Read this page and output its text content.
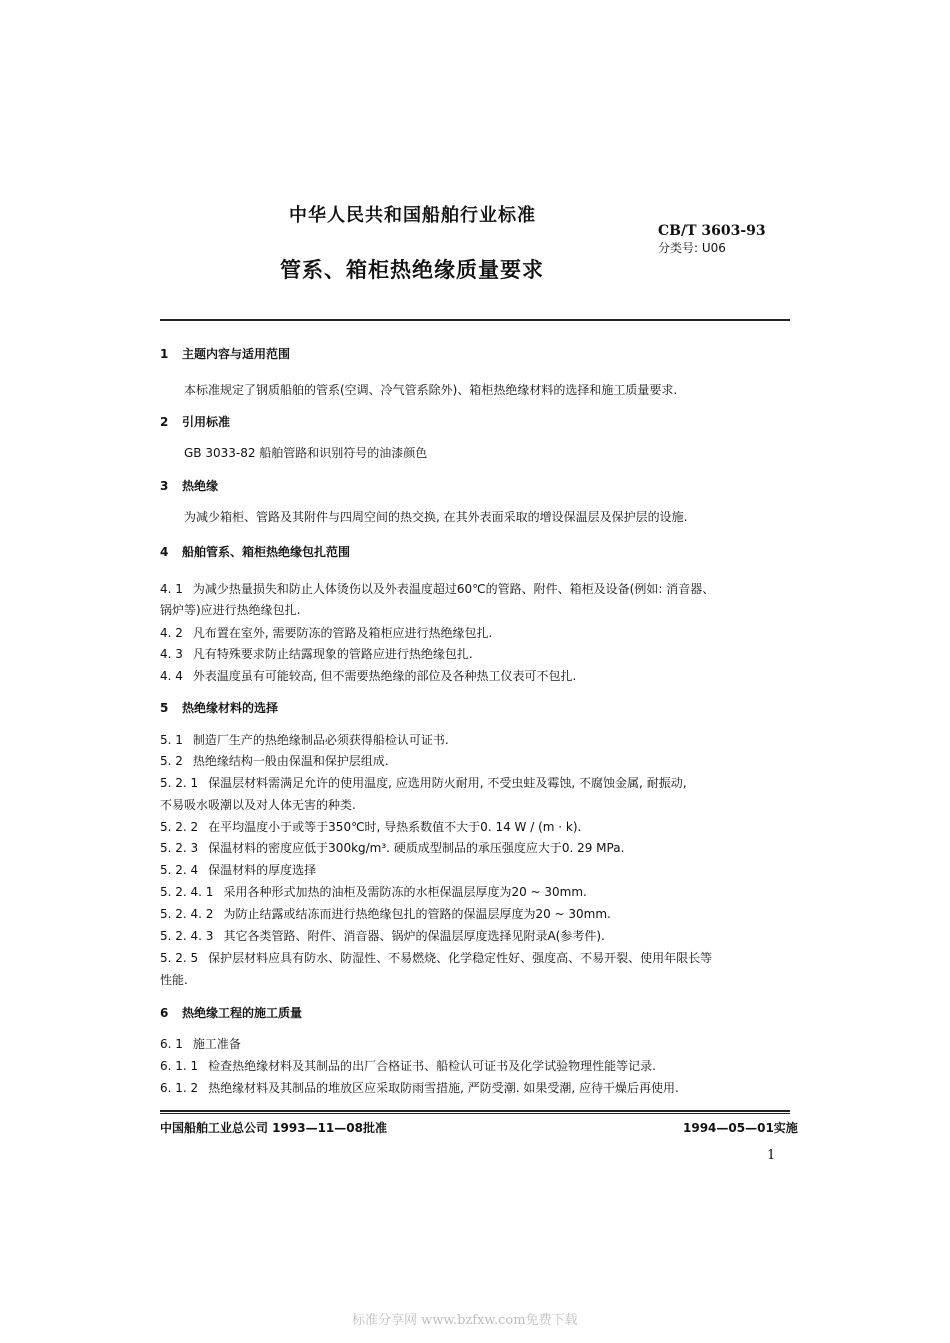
中华人民共和国船舶行业标准
CB/T 3603-93
分类号: U06
管系、箱柜热绝缘质量要求
1 主题内容与适用范围
本标准规定了钢质船舶的管系(空调、冷气管系除外)、箱柜热绝缘材料的选择和施工质量要求.
2 引用标准
GB 3033-82 船舶管路和识别符号的油漆颜色
3 热绝缘
为减少箱柜、管路及其附件与四周空间的热交换, 在其外表面采取的增设保温层及保护层的设施.
4 船舶管系、箱柜热绝缘包扎范围
4. 1 为减少热量损失和防止人体烫伤以及外表温度超过60℃的管路、附件、箱柜及设备(例如: 消音器、
锅炉等)应进行热绝缘包扎.
4. 2 凡布置在室外, 需要防冻的管路及箱柜应进行热绝缘包扎.
4. 3 凡有特殊要求防止结露现象的管路应进行热绝缘包扎.
4. 4 外表温度虽有可能较高, 但不需要热绝缘的部位及各种热工仪表可不包扎.
5 热绝缘材料的选择
5. 1 制造厂生产的热绝缘制品必须获得船检认可证书.
5. 2 热绝缘结构一般由保温和保护层组成.
5. 2. 1 保温层材料需满足允许的使用温度, 应选用防火耐用, 不受虫蛀及霉蚀, 不腐蚀金属, 耐振动,
不易吸水吸潮以及对人体无害的种类.
5. 2. 2 在平均温度小于或等于350℃时, 导热系数值不大于0. 14 W / (m · k).
5. 2. 3 保温材料的密度应低于300kg/m³. 硬质成型制品的承压强度应大于0. 29 MPa.
5. 2. 4 保温材料的厚度选择
5. 2. 4. 1 采用各种形式加热的油柜及需防冻的水柜保温层厚度为20 ~ 30mm.
5. 2. 4. 2 为防止结露或结冻而进行热绝缘包扎的管路的保温层厚度为20 ~ 30mm.
5. 2. 4. 3 其它各类管路、附件、消音器、锅炉的保温层厚度选择见附录A(参考件).
5. 2. 5 保护层材料应具有防水、防湿性、不易燃烧、化学稳定性好、强度高、不易开裂、使用年限长等
性能.
6 热绝缘工程的施工质量
6. 1 施工准备
6. 1. 1 检查热绝缘材料及其制品的出厂合格证书、船检认可证书及化学试验物理性能等记录.
6. 1. 2 热绝缘材料及其制品的堆放区应采取防雨雪措施, 严防受潮. 如果受潮, 应待干燥后再使用.
中国船舶工业总公司 1993—11—08批准	1994—05—01实施
1
标准分享网 www.bzfxw.com免费下载
